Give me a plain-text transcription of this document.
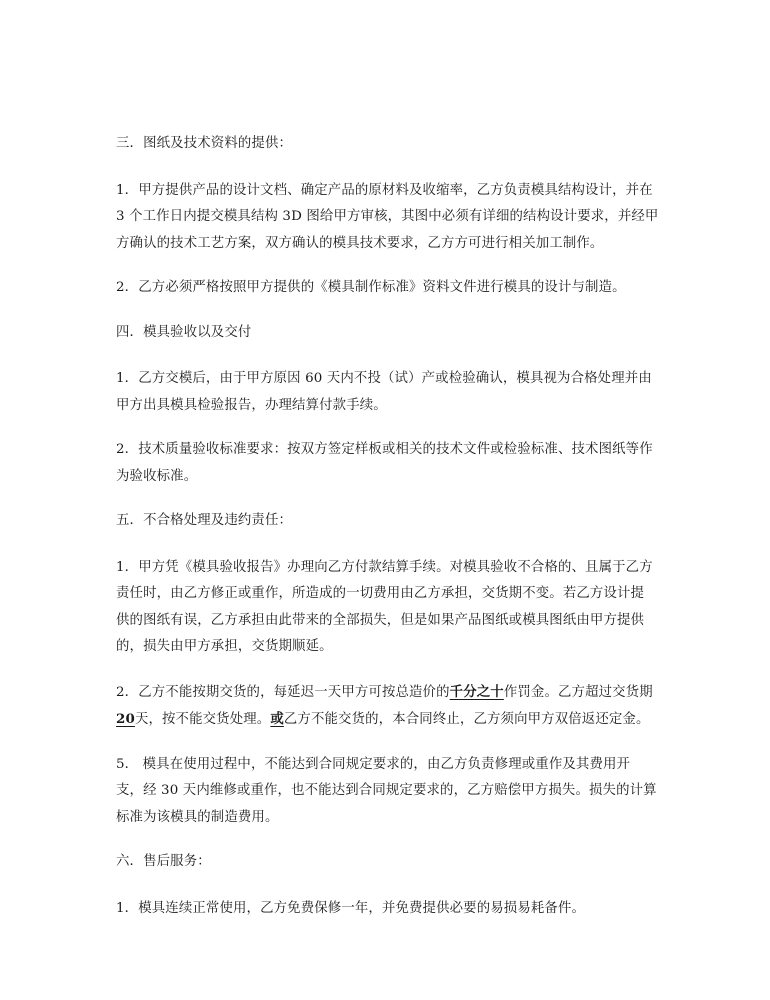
三．图纸及技术资料的提供：
1．甲方提供产品的设计文档、确定产品的原材料及收缩率，乙方负责模具结构设计，并在
3 个工作日内提交模具结构 3D 图给甲方审核，其图中必须有详细的结构设计要求，并经甲
方确认的技术工艺方案，双方确认的模具技术要求，乙方方可进行相关加工制作。
2．乙方必须严格按照甲方提供的《模具制作标准》资料文件进行模具的设计与制造。
四．模具验收以及交付
1．乙方交模后，由于甲方原因 60 天内不投（试）产或检验确认，模具视为合格处理并由
甲方出具模具检验报告，办理结算付款手续。
2．技术质量验收标准要求：按双方签定样板或相关的技术文件或检验标准、技术图纸等作
为验收标准。
五．不合格处理及违约责任：
1．甲方凭《模具验收报告》办理向乙方付款结算手续。对模具验收不合格的、且属于乙方
责任时，由乙方修正或重作，所造成的一切费用由乙方承担，交货期不变。若乙方设计提
供的图纸有误，乙方承担由此带来的全部损失，但是如果产品图纸或模具图纸由甲方提供
的，损失由甲方承担，交货期顺延。
2．乙方不能按期交货的，每延迟一天甲方可按总造价的千分之十作罚金。乙方超过交货期
20天，按不能交货处理。或乙方不能交货的，本合同终止，乙方须向甲方双倍返还定金。
5． 模具在使用过程中，不能达到合同规定要求的，由乙方负责修理或重作及其费用开
支，经 30 天内维修或重作，也不能达到合同规定要求的，乙方赔偿甲方损失。损失的计算
标准为该模具的制造费用。
六．售后服务：
1．模具连续正常使用，乙方免费保修一年，并免费提供必要的易损易耗备件。
